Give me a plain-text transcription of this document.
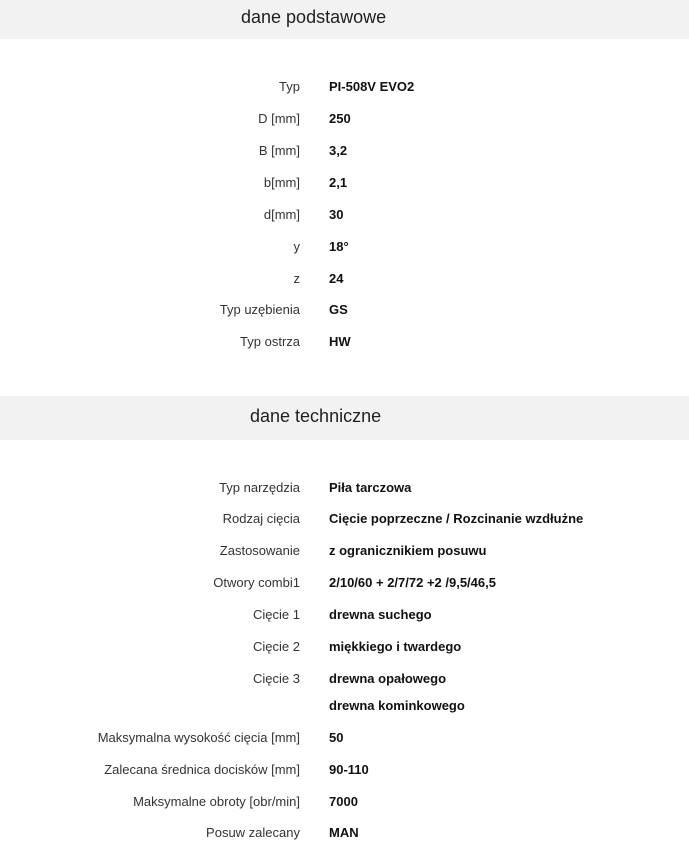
dane podstawowe
Typ PI-508V EVO2
D [mm] 250
B [mm] 3,2
b[mm] 2,1
d[mm] 30
y 18°
z 24
Typ uzębienia GS
Typ ostrza HW
dane techniczne
Typ narzędzia Piła tarczowa
Rodzaj cięcia Cięcie poprzeczne / Rozcinanie wzdłużne
Zastosowanie z ogranicznikiem posuwu
Otwory combi1 2/10/60 + 2/7/72 +2 /9,5/46,5
Cięcie 1 drewna suchego
Cięcie 2 miękkiego i twardego
Cięcie 3 drewna opałowego
drewna kominkowego
Maksymalna wysokość cięcia [mm] 50
Zalecana średnica docisków [mm] 90-110
Maksymalne obroty [obr/min] 7000
Posuw zalecany MAN
